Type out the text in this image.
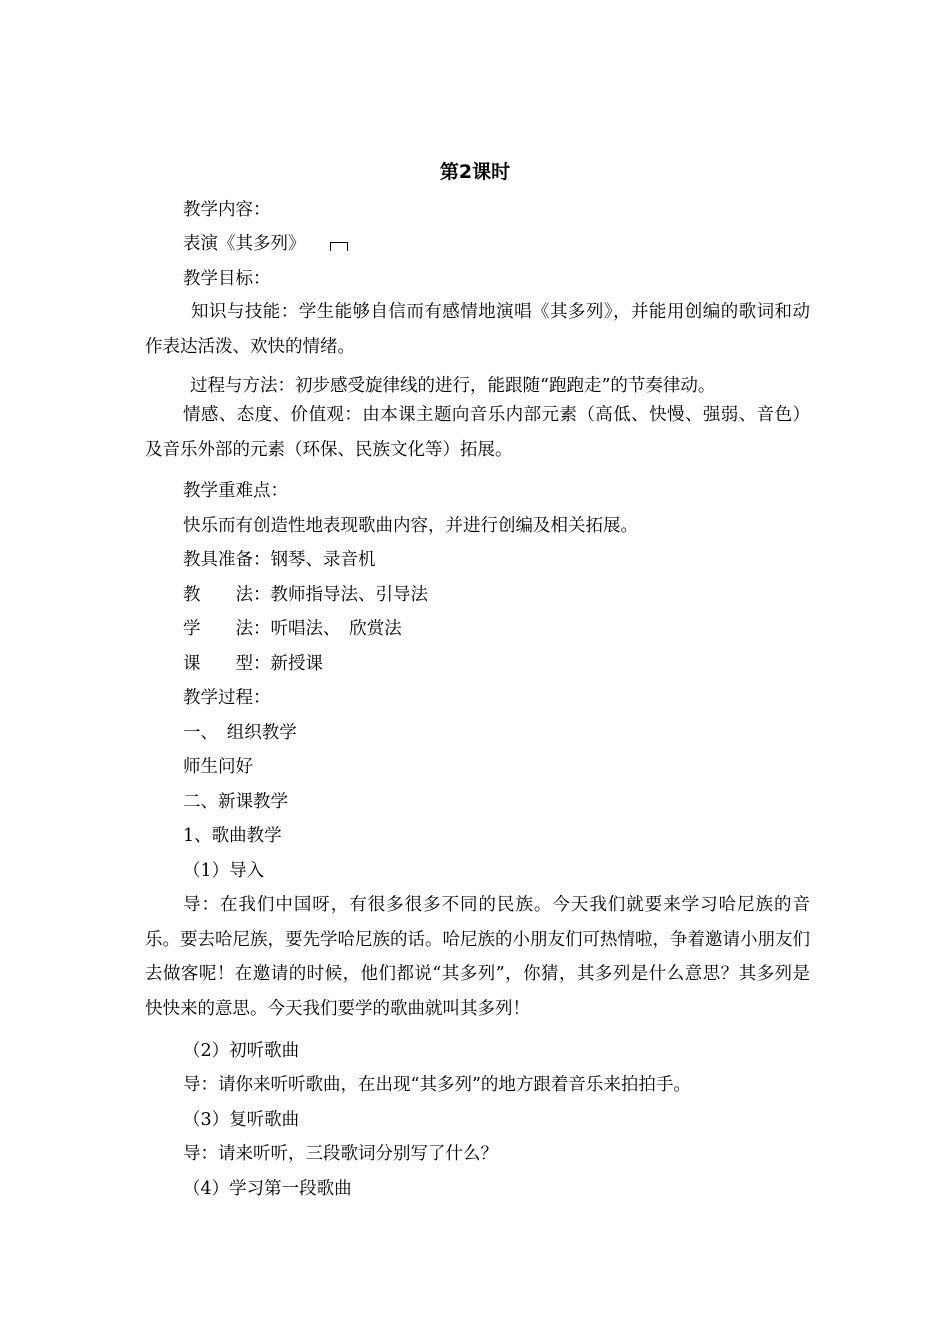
第2课时
教学内容：
表演《其多列》
教学目标：
知识与技能：学生能够自信而有感情地演唱《其多列》，并能用创编的歌词和动作表达活泼、欢快的情绪。
过程与方法：初步感受旋律线的进行，能跟随“跑跑走”的节奏律动。
情感、态度、价值观：由本课主题向音乐内部元素（高低、快慢、强弱、音色）及音乐外部的元素（环保、民族文化等）拓展。
教学重难点：
快乐而有创造性地表现歌曲内容，并进行创编及相关拓展。
教具准备：钢琴、录音机
教　　法：教师指导法、引导法
学　　法：听唱法、　欣赏法
课　　型：新授课
教学过程：
一、　组织教学
师生问好
二、新课教学
1、歌曲教学
（1）导入
导：在我们中国呀，有很多很多不同的民族。今天我们就要来学习哈尼族的音乐。要去哈尼族，要先学哈尼族的话。哈尼族的小朋友们可热情啦，争着邀请小朋友们去做客呢！在邀请的时候，他们都说“其多列”，你猜，其多列是什么意思？其多列是快快来的意思。今天我们要学的歌曲就叫其多列！
（2）初听歌曲
导：请你来听听歌曲，在出现“其多列”的地方跟着音乐来拍拍手。
（3）复听歌曲
导：请来听听，三段歌词分别写了什么？
（4）学习第一段歌曲
